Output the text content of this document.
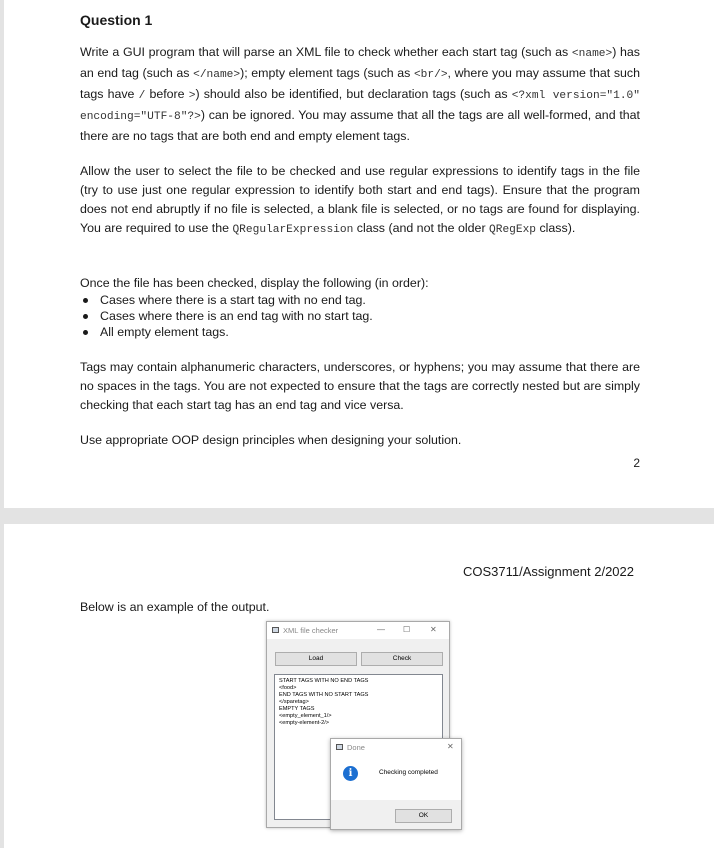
Question 1

Write a GUI program that will parse an XML file to check whether each start tag (such as <name>) has an end tag (such as </name>); empty element tags (such as <br/>, where you may assume that such tags have / before >) should also be identified, but declaration tags (such as <?xml version="1.0" encoding="UTF-8"?>) can be ignored. You may assume that all the tags are all well-formed, and that there are no tags that are both end and empty element tags.

Allow the user to select the file to be checked and use regular expressions to identify tags in the file (try to use just one regular expression to identify both start and end tags). Ensure that the program does not end abruptly if no file is selected, a blank file is selected, or no tags are found for displaying. You are required to use the QRegularExpression class (and not the older QRegExp class).

Once the file has been checked, display the following (in order):

Cases where there is a start tag with no end tag.
Cases where there is an end tag with no start tag.
All empty element tags.

Tags may contain alphanumeric characters, underscores, or hyphens; you may assume that there are no spaces in the tags. You are not expected to ensure that the tags are correctly nested but are simply checking that each start tag has an end tag and vice versa.

Use appropriate OOP design principles when designing your solution.

2
COS3711/Assignment 2/2022
Below is an example of the output.
XML file checker	— ☐ ✕
Load	Check
START TAGS WITH NO END TAGS
<food>
END TAGS WITH NO START TAGS
</sparetag>
EMPTY TAGS
<empty_element_1/>
<empty-element-2/>
Done	✕
i	Checking completed
OK
